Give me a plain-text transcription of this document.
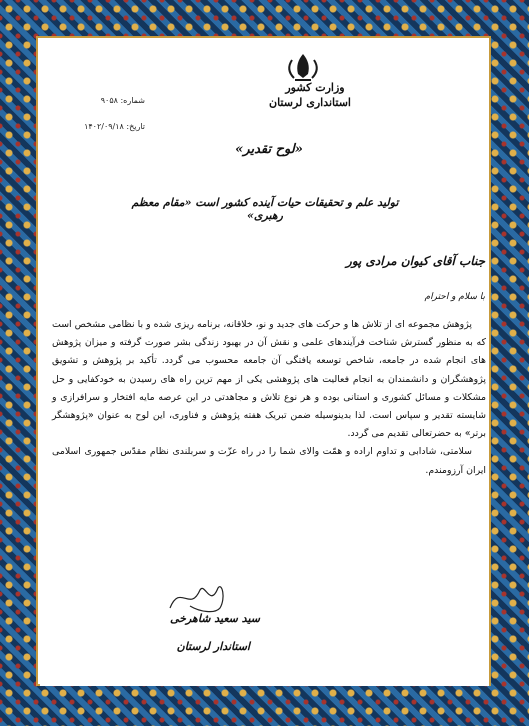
وزارت کشور
استانداری لرستان
شماره: ۹۰۵۸
تاریخ: ۱۴۰۲/۰۹/۱۸
«لوح تقدیر»
تولید علم و تحقیقات حیات آینده کشور است «مقام معظم رهبری»
جناب آقای کیوان مرادی پور
با سلام و احترام

پژوهش مجموعه ای از تلاش ها و حرکت های جدید و نو، خلاقانه، برنامه ریزی شده و با نظامی مشخص است که به منظور گسترش شناخت فرآیندهای علمی و نقش آن در بهبود زندگی بشر صورت گرفته و میزان پژوهش های انجام شده در جامعه، شاخص توسعه یافتگی آن جامعه محسوب می گردد. تأکید بر پژوهش و تشویق پژوهشگران و دانشمندان به انجام فعالیت های پژوهشی یکی از مهم ترین راه های رسیدن به خودکفایی و حل مشکلات و مسائل کشوری و استانی بوده و هر نوع تلاش و مجاهدتی در این عرصه مایه افتخار و سرافرازی و شایسته تقدیر و سپاس است. لذا بدینوسیله ضمن تبریک هفته پژوهش و فناوری، این لوح به عنوان «پژوهشگر برتر» به حضرتعالی تقدیم می گردد.

سلامتی، شادابی و تداوم اراده و همّت والای شما را در راه عزّت و سربلندی نظام مقدّس جمهوری اسلامی ایران آرزومندم.

سید سعید شاهرخی
استاندار لرستان
